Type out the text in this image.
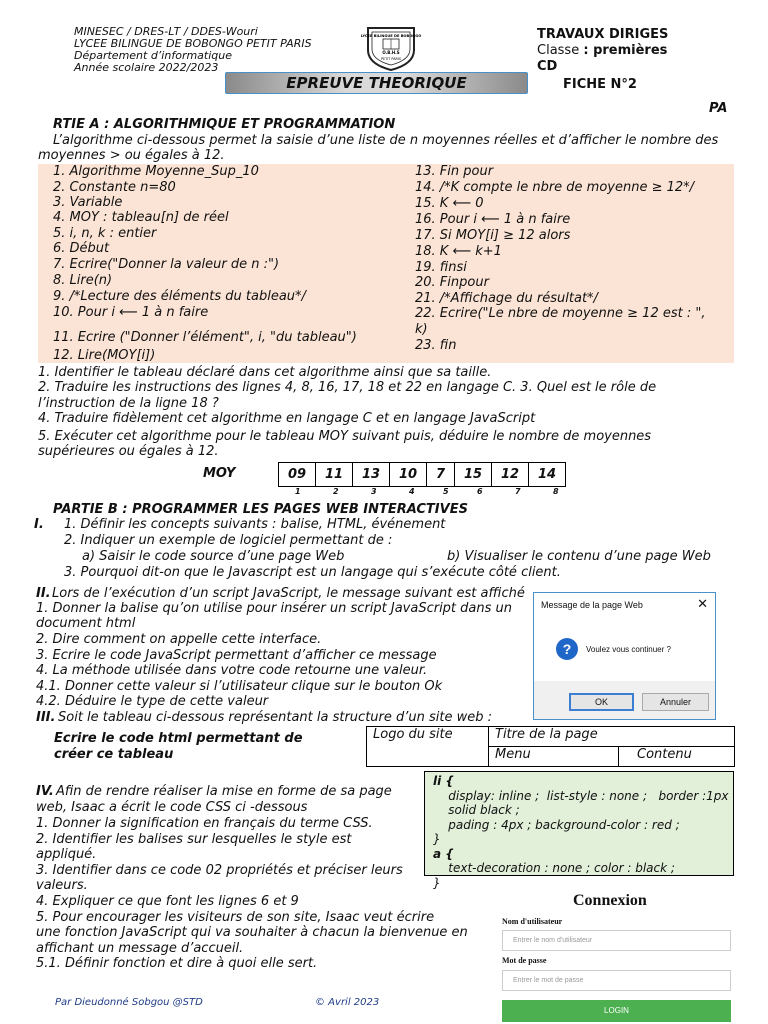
MINESEC / DRES-LT / DDES-Wouri
LYCEE BILINGUE DE BOBONGO PETIT PARIS
Département d’informatique
Année scolaire 2022/2023
LYCEE BILINGUE DE BOBONGO
O.B.H.S
PETIT PARIS
TRAVAUX DIRIGES
Classe : premières
CD
FICHE N°2
EPREUVE THEORIQUE
PA
RTIE A : ALGORITHMIQUE ET PROGRAMMATION
L’algorithme ci-dessous permet la saisie d’une liste de n moyennes réelles et d’afficher le nombre des
moyennes > ou égales à 12.
1. Algorithme Moyenne_Sup_10
2. Constante n=80
3. Variable
4. MOY : tableau[n] de réel
5. i, n, k : entier
6. Début
7. Ecrire("Donner la valeur de n :")
8. Lire(n)
9. /*Lecture des éléments du tableau*/
10. Pour i ⟵ 1 à n faire
11. Ecrire ("Donner l’élément", i, "du tableau")
12. Lire(MOY[i])
13. Fin pour
14. /*K compte le nbre de moyenne ≥ 12*/
15. K ⟵ 0
16. Pour i ⟵ 1 à n faire
17. Si MOY[i] ≥ 12 alors
18. K ⟵ k+1
19. finsi
20. Finpour
21. /*Affichage du résultat*/
22. Ecrire("Le nbre de moyenne ≥ 12 est : ",
k)
23. fin
1. Identifier le tableau déclaré dans cet algorithme ainsi que sa taille.
2. Traduire les instructions des lignes 4, 8, 16, 17, 18 et 22 en langage C. 3. Quel est le rôle de
l’instruction de la ligne 18 ?
4. Traduire fidèlement cet algorithme en langage C et en langage JavaScript
5. Exécuter cet algorithme pour le tableau MOY suivant puis, déduire le nombre de moyennes
supérieures ou égales à 12.
MOY	09	11	13	10	7	15	12	14
1	2	3	4	5	6	7	8
PARTIE B : PROGRAMMER LES PAGES WEB INTERACTIVES
I. 1. Définir les concepts suivants : balise, HTML, événement
2. Indiquer un exemple de logiciel permettant de :
a) Saisir le code source d’une page Web	b) Visualiser le contenu d’une page Web
3. Pourquoi dit-on que le Javascript est un langage qui s’exécute côté client.
II. Lors de l’exécution d’un script JavaScript, le message suivant est affiché
1. Donner la balise qu’on utilise pour insérer un script JavaScript dans un
document html
2. Dire comment on appelle cette interface.
3. Ecrire le code JavaScript permettant d’afficher ce message
4. La méthode utilisée dans votre code retourne une valeur.
4.1. Donner cette valeur si l’utilisateur clique sur le bouton Ok
4.2. Déduire le type de cette valeur
III. Soit le tableau ci-dessous représentant la structure d’un site web :
Ecrire le code html permettant de
créer ce tableau
Message de la page Web	✕
?	Voulez vous continuer ?
OK	Annuler
Logo du site	Titre de la page	
	Menu	Contenu
IV. Afin de rendre réaliser la mise en forme de sa page
web, Isaac a écrit le code CSS ci -dessous
1. Donner la signification en français du terme CSS.
2. Identifier les balises sur lesquelles le style est
appliqué.
3. Identifier dans ce code 02 propriétés et préciser leurs
valeurs.
4. Expliquer ce que font les lignes 6 et 9
5. Pour encourager les visiteurs de son site, Isaac veut écrire
une fonction JavaScript qui va souhaiter à chacun la bienvenue en
affichant un message d’accueil.
5.1. Définir fonction et dire à quoi elle sert.
li {
display: inline ;  list-style : none ;   border :1px
solid black ;
pading : 4px ; background-color : red ;
}
a {
text-decoration : none ; color : black ;
}
Connexion
Nom d'utilisateur
Entrer le nom d'utilisateur
Mot de passe
Entrer le mot de passe
LOGIN
Par Dieudonné Sobgou @STD	© Avril 2023
